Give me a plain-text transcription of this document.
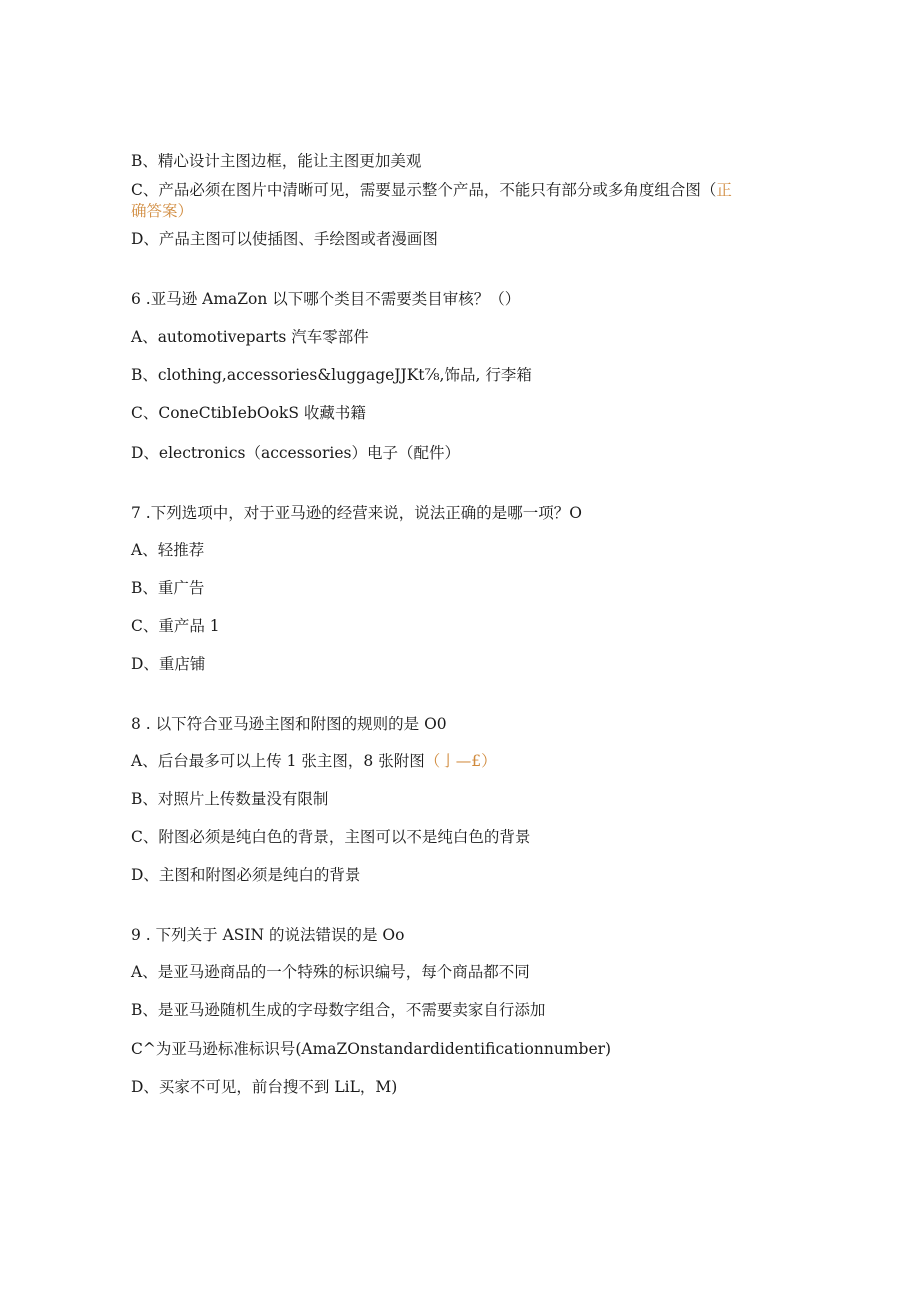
B、精心设计主图边框，能让主图更加美观

C、产品必须在图片中清晰可见，需要显示整个产品，不能只有部分或多角度组合图（正

确答案）

D、产品主图可以使插图、手绘图或者漫画图

6 .亚马逊 AmaZon 以下哪个类目不需要类目审核？（）

A、automotiveparts 汽车零部件

B、clothing,accessories&luggageJJKt⅞,饰品, 行李箱

C、ConeCtibIebOokS 收藏书籍

D、electronics（accessories）电子（配件）

7 .下列选项中，对于亚马逊的经营来说，说法正确的是哪一项？O

A、轻推荐

B、重广告

C、重产品 1

D、重店铺

8 . 以下符合亚马逊主图和附图的规则的是 O0

A、后台最多可以上传 1 张主图，8 张附图（亅—£）

B、对照片上传数量没有限制

C、附图必须是纯白色的背景，主图可以不是纯白色的背景

D、主图和附图必须是纯白的背景

9 . 下列关于 ASIN 的说法错误的是 Oo

A、是亚马逊商品的一个特殊的标识编号，每个商品都不同

B、是亚马逊随机生成的字母数字组合，不需要卖家自行添加

C^为亚马逊标准标识号(AmaZOnstandardidentificationnumber)

D、买家不可见，前台搜不到 LiL，M)
